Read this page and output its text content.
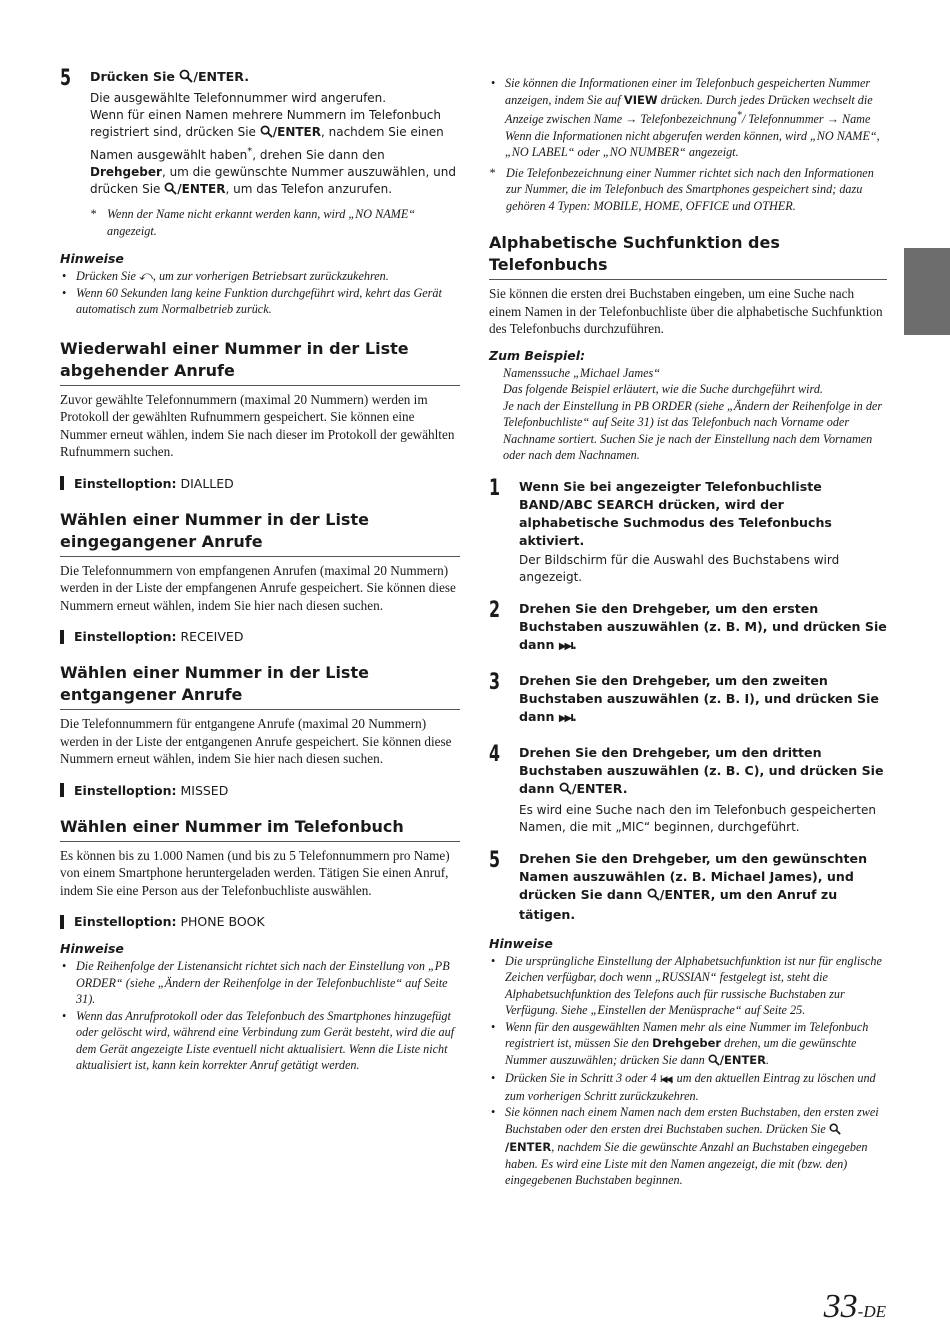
5 Drücken Sie /ENTER.

Die ausgewählte Telefonnummer wird angerufen.

Wenn für einen Namen mehrere Nummern im Telefonbuch registriert sind, drücken Sie /ENTER, nachdem Sie einen Namen ausgewählt haben*, drehen Sie dann den Drehgeber, um die gewünschte Nummer auszuwählen, und drücken Sie /ENTER, um das Telefon anzurufen.

* Wenn der Name nicht erkannt werden kann, wird „NO NAME“ angezeigt.

Hinweise

• Drücken Sie ⤺, um zur vorherigen Betriebsart zurückzukehren.
• Wenn 60 Sekunden lang keine Funktion durchgeführt wird, kehrt das Gerät automatisch zum Normalbetrieb zurück.
Wiederwahl einer Nummer in der Liste abgehender Anrufe

Zuvor gewählte Telefonnummern (maximal 20 Nummern) werden im Protokoll der gewählten Rufnummern gespeichert. Sie können eine Nummer erneut wählen, indem Sie nach dieser im Protokoll der gewählten Rufnummern suchen.

Einstelloption: DIALLED

Wählen einer Nummer in der Liste eingegangener Anrufe

Die Telefonnummern von empfangenen Anrufen (maximal 20 Nummern) werden in der Liste der empfangenen Anrufe gespeichert. Sie können diese Nummern erneut wählen, indem Sie hier nach diesen suchen.

Einstelloption: RECEIVED

Wählen einer Nummer in der Liste entgangener Anrufe

Die Telefonnummern für entgangene Anrufe (maximal 20 Nummern) werden in der Liste der entgangenen Anrufe gespeichert. Sie können diese Nummern erneut wählen, indem Sie hier nach diesen suchen.

Einstelloption: MISSED

Wählen einer Nummer im Telefonbuch

Es können bis zu 1.000 Namen (und bis zu 5 Telefonnummern pro Name) von einem Smartphone heruntergeladen werden. Tätigen Sie einen Anruf, indem Sie eine Person aus der Telefonbuchliste auswählen.

Einstelloption: PHONE BOOK

Hinweise

• Die Reihenfolge der Listenansicht richtet sich nach der Einstellung von „PB ORDER“ (siehe „Ändern der Reihenfolge in der Telefonbuchliste“ auf Seite 31).
• Wenn das Anrufprotokoll oder das Telefonbuch des Smartphones hinzugefügt oder gelöscht wird, während eine Verbindung zum Gerät besteht, wird die auf dem Gerät angezeigte Liste eventuell nicht aktualisiert. Wenn die Liste nicht aktualisiert ist, kann kein korrekter Anruf getätigt werden.
• Sie können die Informationen einer im Telefonbuch gespeicherten Nummer anzeigen, indem Sie auf VIEW drücken. Durch jedes Drücken wechselt die Anzeige zwischen Name → Telefonbezeichnung*/ Telefonnummer → Name
Wenn die Informationen nicht abgerufen werden können, wird „NO NAME“, „NO LABEL“ oder „NO NUMBER“ angezeigt.
* Die Telefonbezeichnung einer Nummer richtet sich nach den Informationen zur Nummer, die im Telefonbuch des Smartphones gespeichert sind; dazu gehören 4 Typen: MOBILE, HOME, OFFICE und OTHER.

Alphabetische Suchfunktion des Telefonbuchs

Sie können die ersten drei Buchstaben eingeben, um eine Suche nach einem Namen in der Telefonbuchliste über die alphabetische Suchfunktion des Telefonbuchs durchzuführen.

Zum Beispiel:

Namenssuche „Michael James“

Das folgende Beispiel erläutert, wie die Suche durchgeführt wird.

Je nach der Einstellung in PB ORDER (siehe „Ändern der Reihenfolge in der Telefonbuchliste“ auf Seite 31) ist das Telefonbuch nach Vorname oder Nachname sortiert. Suchen Sie je nach der Einstellung nach dem Vornamen oder nach dem Nachnamen.

1 Wenn Sie bei angezeigter Telefonbuchliste BAND/ABC SEARCH drücken, wird der alphabetische Suchmodus des Telefonbuchs aktiviert.

Der Bildschirm für die Auswahl des Buchstabens wird angezeigt.

2 Drehen Sie den Drehgeber, um den ersten Buchstaben auszuwählen (z. B. M), und drücken Sie dann ▶▶I.

3 Drehen Sie den Drehgeber, um den zweiten Buchstaben auszuwählen (z. B. I), und drücken Sie dann ▶▶I.

4 Drehen Sie den Drehgeber, um den dritten Buchstaben auszuwählen (z. B. C), und drücken Sie dann /ENTER.

Es wird eine Suche nach den im Telefonbuch gespeicherten Namen, die mit „MIC“ beginnen, durchgeführt.

5 Drehen Sie den Drehgeber, um den gewünschten Namen auszuwählen (z. B. Michael James), und drücken Sie dann /ENTER, um den Anruf zu tätigen.

Hinweise

• Die ursprüngliche Einstellung der Alphabetsuchfunktion ist nur für englische Zeichen verfügbar, doch wenn „RUSSIAN“ festgelegt ist, steht die Alphabetsuchfunktion des Telefons auch für russische Buchstaben zur Verfügung. Siehe „Einstellen der Menüsprache“ auf Seite 25.
• Wenn für den ausgewählten Namen mehr als eine Nummer im Telefonbuch registriert ist, müssen Sie den Drehgeber drehen, um die gewünschte Nummer auszuwählen; drücken Sie dann /ENTER.
• Drücken Sie in Schritt 3 oder 4 I◀◀, um den aktuellen Eintrag zu löschen und zum vorherigen Schritt zurückzukehren.
• Sie können nach einem Namen nach dem ersten Buchstaben, den ersten zwei Buchstaben oder den ersten drei Buchstaben suchen. Drücken Sie /ENTER, nachdem Sie die gewünschte Anzahl an Buchstaben eingegeben haben. Es wird eine Liste mit den Namen angezeigt, die mit (bzw. den) eingegebenen Buchstaben beginnen.
33-DE
